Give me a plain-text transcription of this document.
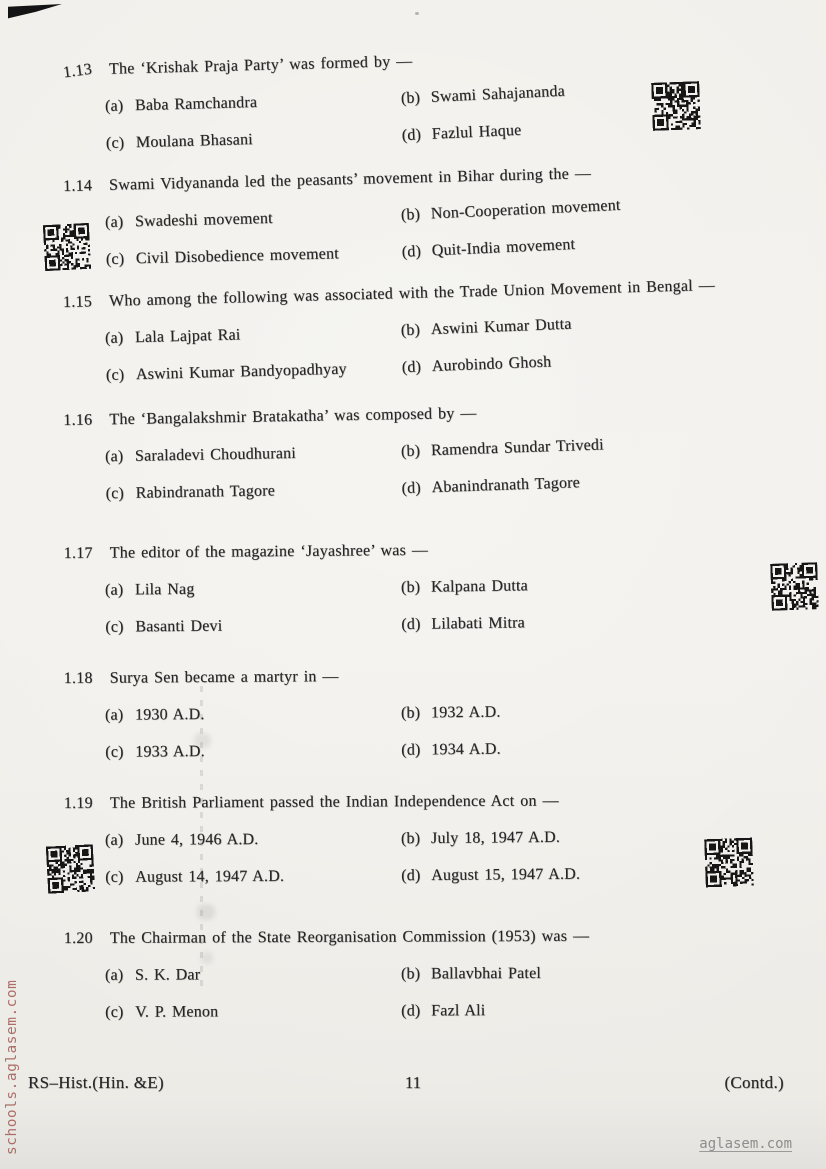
1.13 The ‘Krishak Praja Party’ was formed by —
(a) Baba Ramchandra	(b) Swami Sahajananda
(c) Moulana Bhasani	(d) Fazlul Haque
1.14	Swami Vidyananda led the peasants’ movement in Bihar during the —
(a) Swadeshi movement	(b) Non-Cooperation movement
(c) Civil Disobedience movement	(d) Quit-India movement
1.15	Who among the following was associated with the Trade Union Movement in Bengal —
(a) Lala Lajpat Rai	(b) Aswini Kumar Dutta
(c) Aswini Kumar Bandyopadhyay	(d) Aurobindo Ghosh
1.16	The ‘Bangalakshmir Bratakatha’ was composed by —
(a) Saraladevi Choudhurani	(b) Ramendra Sundar Trivedi
(c) Rabindranath Tagore	(d) Abanindranath Tagore
1.17	The editor of the magazine ‘Jayashree’ was —
(a) Lila Nag	(b) Kalpana Dutta
(c) Basanti Devi	(d) Lilabati Mitra
1.18	Surya Sen became a martyr in —
(a) 1930 A.D.	(b) 1932 A.D.
(c) 1933 A.D.	(d) 1934 A.D.
1.19	The British Parliament passed the Indian Independence Act on —
(a) June 4, 1946 A.D.	(b) July 18, 1947 A.D.
(c) August 14, 1947 A.D.	(d) August 15, 1947 A.D.
1.20	The Chairman of the State Reorganisation Commission (1953) was —
(a) S. K. Dar	(b) Ballavbhai Patel
(c) V. P. Menon	(d) Fazl Ali
schools.aglasem.com	aglasem.com
RS–Hist.(Hin. &E)	11	(Contd.)
